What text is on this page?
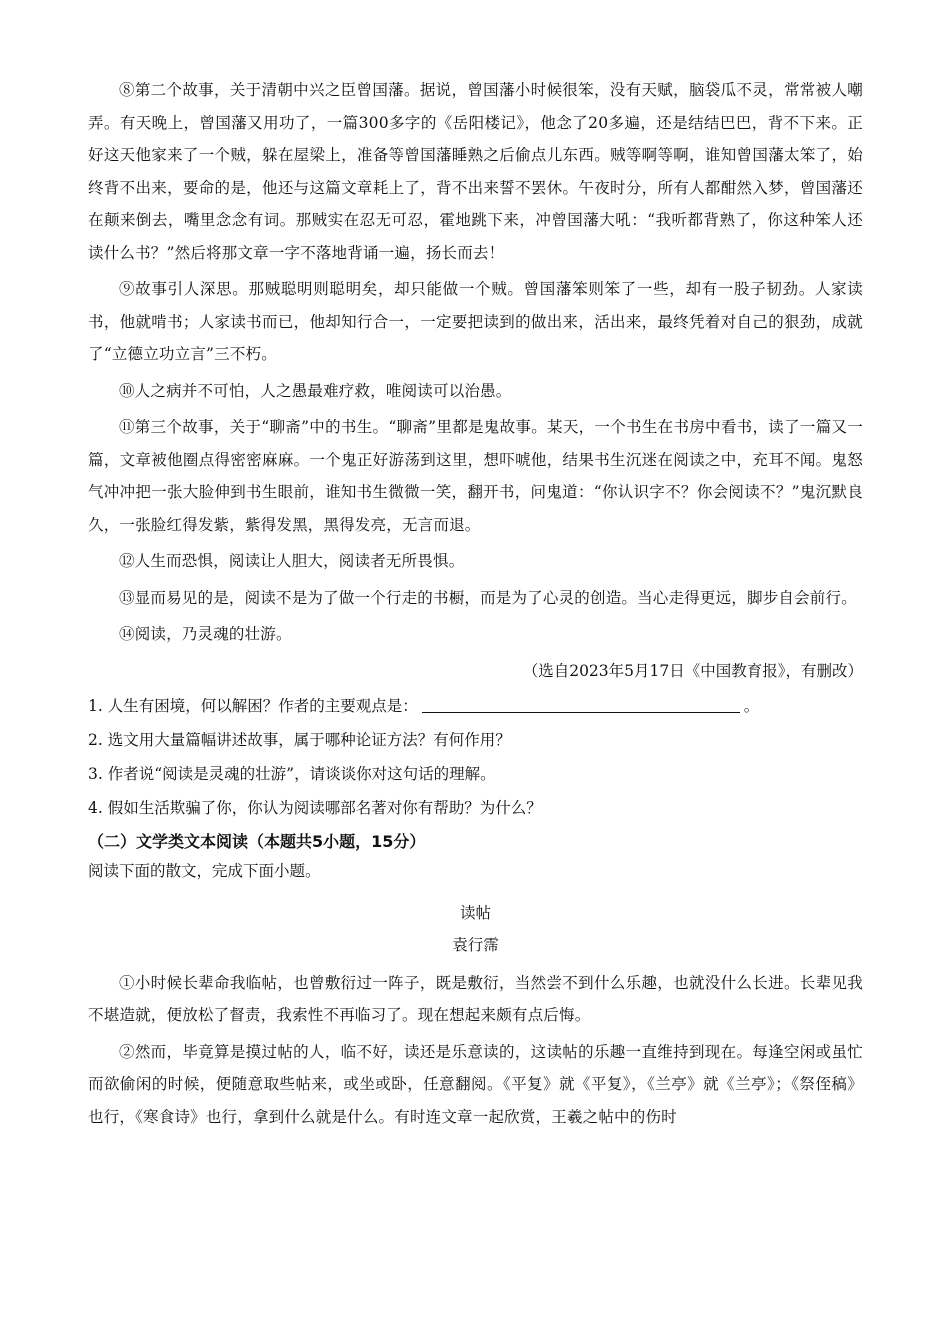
⑧第二个故事，关于清朝中兴之臣曾国藩。据说，曾国藩小时候很笨，没有天赋，脑袋瓜不灵，常常被人嘲弄。有天晚上，曾国藩又用功了，一篇300多字的《岳阳楼记》，他念了20多遍，还是结结巴巴，背不下来。正好这天他家来了一个贼，躲在屋梁上，准备等曾国藩睡熟之后偷点儿东西。贼等啊等啊，谁知曾国藩太笨了，始终背不出来，要命的是，他还与这篇文章耗上了，背不出来誓不罢休。午夜时分，所有人都酣然入梦，曾国藩还在颠来倒去，嘴里念念有词。那贼实在忍无可忍，霍地跳下来，冲曾国藩大吼：“我听都背熟了，你这种笨人还读什么书？”然后将那文章一字不落地背诵一遍，扬长而去！

⑨故事引人深思。那贼聪明则聪明矣，却只能做一个贼。曾国藩笨则笨了一些，却有一股子韧劲。人家读书，他就啃书；人家读书而已，他却知行合一，一定要把读到的做出来，活出来，最终凭着对自己的狠劲，成就了“立德立功立言”三不朽。

⑩人之病并不可怕，人之愚最难疗救，唯阅读可以治愚。

⑪第三个故事，关于“聊斋”中的书生。“聊斋”里都是鬼故事。某天，一个书生在书房中看书，读了一篇又一篇，文章被他圈点得密密麻麻。一个鬼正好游荡到这里，想吓唬他，结果书生沉迷在阅读之中，充耳不闻。鬼怒气冲冲把一张大脸伸到书生眼前，谁知书生微微一笑，翻开书，问鬼道：“你认识字不？你会阅读不？”鬼沉默良久，一张脸红得发紫，紫得发黑，黑得发亮，无言而退。

⑫人生而恐惧，阅读让人胆大，阅读者无所畏惧。

⑬显而易见的是，阅读不是为了做一个行走的书橱，而是为了心灵的创造。当心走得更远，脚步自会前行。

⑭阅读，乃灵魂的壮游。

（选自2023年5月17日《中国教育报》，有删改）

1. 人生有困境，何以解困？作者的主要观点是：	。

2. 选文用大量篇幅讲述故事，属于哪种论证方法？有何作用？

3. 作者说“阅读是灵魂的壮游”，请谈谈你对这句话的理解。

4. 假如生活欺骗了你，你认为阅读哪部名著对你有帮助？为什么？

（二）文学类文本阅读（本题共5小题，15分）

阅读下面的散文，完成下面小题。

读帖

袁行霈

①小时候长辈命我临帖，也曾敷衍过一阵子，既是敷衍，当然尝不到什么乐趣，也就没什么长进。长辈见我不堪造就，便放松了督责，我索性不再临习了。现在想起来颇有点后悔。

②然而，毕竟算是摸过帖的人，临不好，读还是乐意读的，这读帖的乐趣一直维持到现在。每逢空闲或虽忙而欲偷闲的时候，便随意取些帖来，或坐或卧，任意翻阅。《平复》就《平复》，《兰亭》就《兰亭》；《祭侄稿》也行，《寒食诗》也行，拿到什么就是什么。有时连文章一起欣赏，王羲之帖中的伤时
